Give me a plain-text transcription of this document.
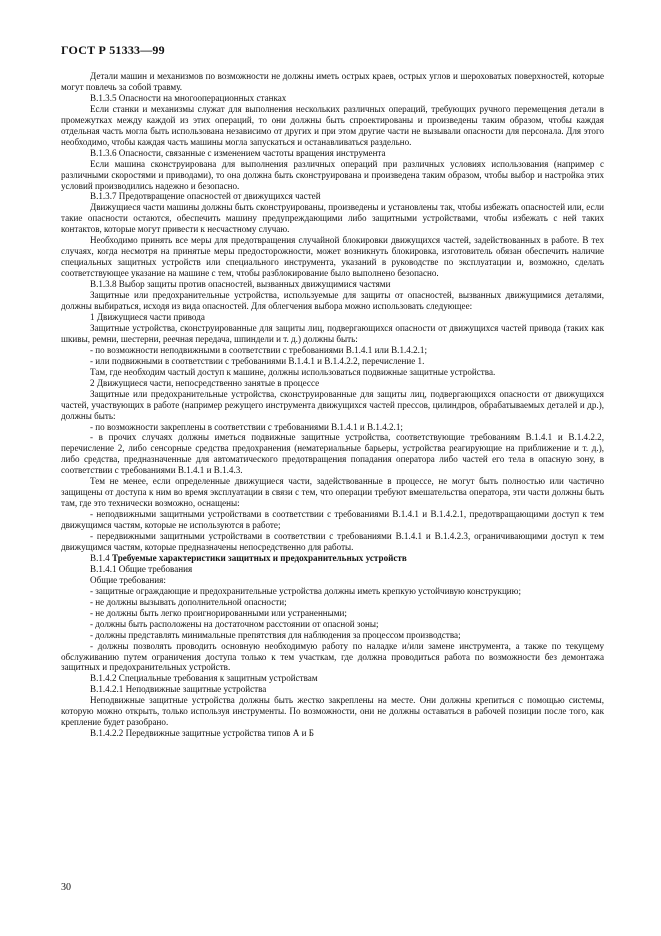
ГОСТ Р 51333—99
Детали машин и механизмов по возможности не должны иметь острых краев, острых углов и шероховатых поверхностей, которые могут повлечь за собой травму.
В.1.3.5 Опасности на многооперационных станках
Если станки и механизмы служат для выполнения нескольких различных операций, требующих ручного перемещения детали в промежутках между каждой из этих операций, то они должны быть спроектированы и произведены таким образом, чтобы каждая отдельная часть могла быть использована независимо от других и при этом другие части не вызывали опасности для персонала. Для этого необходимо, чтобы каждая часть машины могла запускаться и останавливаться раздельно.
В.1.3.6 Опасности, связанные с изменением частоты вращения инструмента
Если машина сконструирована для выполнения различных операций при различных условиях использования (например с различными скоростями и приводами), то она должна быть сконструирована и произведена таким образом, чтобы выбор и настройка этих условий производились надежно и безопасно.
В.1.3.7 Предотвращение опасностей от движущихся частей
Движущиеся части машины должны быть сконструированы, произведены и установлены так, чтобы избежать опасностей или, если такие опасности остаются, обеспечить машину предупреждающими либо защитными устройствами, чтобы избежать с ней таких контактов, которые могут привести к несчастному случаю.
Необходимо принять все меры для предотвращения случайной блокировки движущихся частей, задействованных в работе. В тех случаях, когда несмотря на принятые меры предосторожности, может возникнуть блокировка, изготовитель обязан обеспечить наличие специальных защитных устройств или специального инструмента, указаний в руководстве по эксплуатации и, возможно, сделать соответствующее указание на машине с тем, чтобы разблокирование было выполнено безопасно.
В.1.3.8 Выбор защиты против опасностей, вызванных движущимися частями
Защитные или предохранительные устройства, используемые для защиты от опасностей, вызванных движущимися деталями, должны выбираться, исходя из вида опасностей. Для облегчения выбора можно использовать следующее:
1 Движущиеся части привода
Защитные устройства, сконструированные для защиты лиц, подвергающихся опасности от движущихся частей привода (таких как шкивы, ремни, шестерни, реечная передача, шпиндели и т. д.) должны быть:
- по возможности неподвижными в соответствии с требованиями В.1.4.1 или В.1.4.2.1;
- или подвижными в соответствии с требованиями В.1.4.1 и В.1.4.2.2, перечисление 1.
Там, где необходим частый доступ к машине, должны использоваться подвижные защитные устройства.
2 Движущиеся части, непосредственно занятые в процессе
Защитные или предохранительные устройства, сконструированные для защиты лиц, подвергающихся опасности от движущихся частей, участвующих в работе (например режущего инструмента движущихся частей прессов, цилиндров, обрабатываемых деталей и др.), должны быть:
- по возможности закреплены в соответствии с требованиями В.1.4.1 и В.1.4.2.1;
- в прочих случаях должны иметься подвижные защитные устройства, соответствующие требованиям В.1.4.1 и В.1.4.2.2, перечисление 2, либо сенсорные средства предохранения (нематериальные барьеры, устройства реагирующие на приближение и т. д.), либо средства, предназначенные для автоматического предотвращения попадания оператора либо частей его тела в опасную зону, в соответствии с требованиями В.1.4.1 и В.1.4.3.
Тем не менее, если определенные движущиеся части, задействованные в процессе, не могут быть полностью или частично защищены от доступа к ним во время эксплуатации в связи с тем, что операции требуют вмешательства оператора, эти части должны быть там, где это технически возможно, оснащены:
- неподвижными защитными устройствами в соответствии с требованиями В.1.4.1 и В.1.4.2.1, предотвращающими доступ к тем движущимся частям, которые не используются в работе;
- передвижными защитными устройствами в соответствии с требованиями В.1.4.1 и В.1.4.2.3, ограничивающими доступ к тем движущимся частям, которые предназначены непосредственно для работы.
В.1.4 Требуемые характеристики защитных и предохранительных устройств
В.1.4.1 Общие требования
Общие требования:
- защитные ограждающие и предохранительные устройства должны иметь крепкую устойчивую конструкцию;
- не должны вызывать дополнительной опасности;
- не должны быть легко проигнорированными или устраненными;
- должны быть расположены на достаточном расстоянии от опасной зоны;
- должны представлять минимальные препятствия для наблюдения за процессом производства;
- должны позволять проводить основную необходимую работу по наладке и/или замене инструмента, а также по текущему обслуживанию путем ограничения доступа только к тем участкам, где должна проводиться работа по возможности без демонтажа защитных и предохранительных устройств.
В.1.4.2 Специальные требования к защитным устройствам
В.1.4.2.1 Неподвижные защитные устройства
Неподвижные защитные устройства должны быть жестко закреплены на месте. Они должны крепиться с помощью системы, которую можно открыть, только используя инструменты. По возможности, они не должны оставаться в рабочей позиции после того, как крепление будет разобрано.
В.1.4.2.2 Передвижные защитные устройства типов А и Б
30
